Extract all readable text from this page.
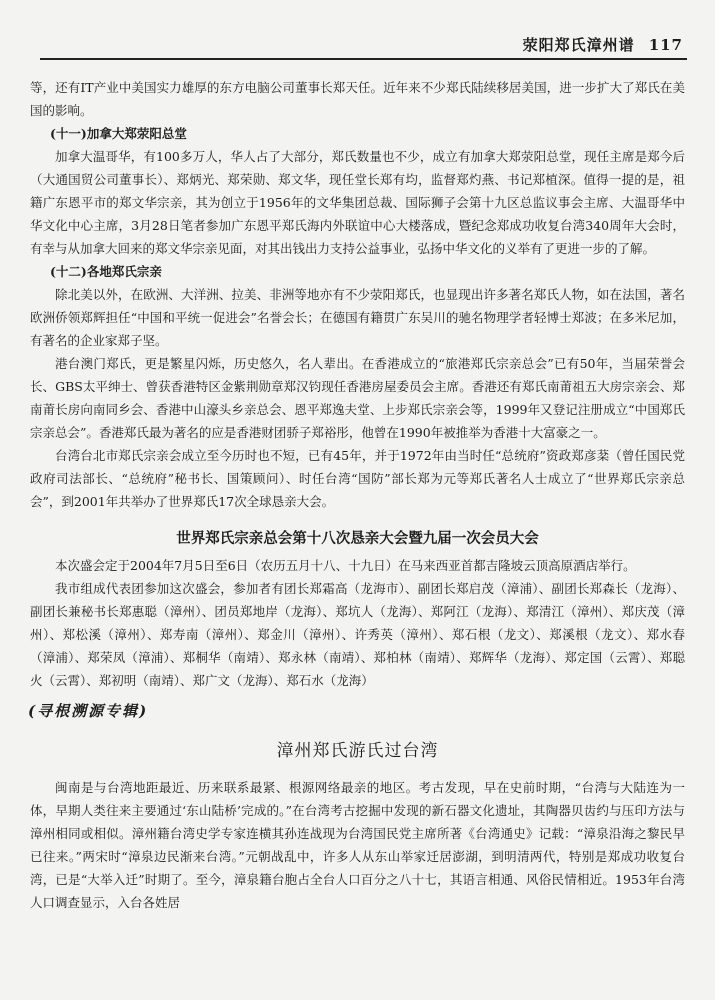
荥阳郑氏漳州谱 117

等，还有IT产业中美国实力雄厚的东方电脑公司董事长郑天任。近年来不少郑氏陆续移居美国，进一步扩大了郑氏在美国的影响。

(十一)加拿大郑荥阳总堂

加拿大温哥华，有100多万人，华人占了大部分，郑氏数量也不少，成立有加拿大郑荥阳总堂，现任主席是郑今后（大通国贸公司董事长）、郑炳光、郑荣勋、郑文华，现任堂长郑有均，监督郑灼燕、书记郑植深。值得一提的是，祖籍广东恩平市的郑文华宗亲，其为创立于1956年的文华集团总裁、国际狮子会第十九区总监议事会主席、大温哥华中华文化中心主席，3月28日笔者参加广东恩平郑氏海内外联谊中心大楼落成，暨纪念郑成功收复台湾340周年大会时，有幸与从加拿大回来的郑文华宗亲见面，对其出钱出力支持公益事业，弘扬中华文化的义举有了更进一步的了解。

(十二)各地郑氏宗亲

除北美以外，在欧洲、大洋洲、拉美、非洲等地亦有不少荥阳郑氏，也显现出许多著名郑氏人物，如在法国，著名欧洲侨领郑辉担任“中国和平统一促进会”名誉会长；在德国有籍贯广东吴川的驰名物理学者轻博士郑波；在多米尼加，有著名的企业家郑子坚。

港台澳门郑氏，更是繁星闪烁，历史悠久，名人辈出。在香港成立的“旅港郑氏宗亲总会”已有50年，当届荣誉会长、GBS太平绅士、曾获香港特区金紫荆勋章郑汉钧现任香港房屋委员会主席。香港还有郑氏南莆祖五大房宗亲会、郑南莆长房向南同乡会、香港中山濠头乡亲总会、恩平郑逸夫堂、上步郑氏宗亲会等，1999年又登记注册成立“中国郑氏宗亲总会”。香港郑氏最为著名的应是香港财团骄子郑裕彤，他曾在1990年被推举为香港十大富豪之一。

台湾台北市郑氏宗亲会成立至今历时也不短，已有45年，并于1972年由当时任“总统府”资政郑彦棻（曾任国民党政府司法部长、“总统府”秘书长、国策顾问）、时任台湾“国防”部长郑为元等郑氏著名人士成立了“世界郑氏宗亲总会”，到2001年共举办了世界郑氏17次全球恳亲大会。

世界郑氏宗亲总会第十八次恳亲大会暨九届一次会员大会

本次盛会定于2004年7月5日至6日（农历五月十八、十九日）在马来西亚首都吉隆坡云顶高原酒店举行。

我市组成代表团参加这次盛会，参加者有团长郑霜高（龙海市）、副团长郑启茂（漳浦）、副团长郑森长（龙海）、副团长兼秘书长郑惠聪（漳州）、团员郑地岸（龙海）、郑坑人（龙海）、郑阿江（龙海）、郑清江（漳州）、郑庆茂（漳州）、郑松溪（漳州）、郑寿南（漳州）、郑金川（漳州）、许秀英（漳州）、郑石根（龙文）、郑溪根（龙文）、郑水春（漳浦）、郑荣凤（漳浦）、郑桐华（南靖）、郑永林（南靖）、郑柏林（南靖）、郑辉华（龙海）、郑定国（云霄）、郑聪火（云霄）、郑初明（南靖）、郑广文（龙海）、郑石水（龙海）

(寻根溯源专辑)
漳州郑氏游氏过台湾

闽南是与台湾地距最近、历来联系最紧、根源网络最亲的地区。考古发现，早在史前时期，“台湾与大陆连为一体，早期人类往来主要通过‘东山陆桥’完成的。”在台湾考古挖掘中发现的新石器文化遗址，其陶器贝齿约与压印方法与漳州相同或相似。漳州籍台湾史学专家连横其孙连战现为台湾国民党主席所著《台湾通史》记载：“漳泉沿海之黎民早已往来。”两宋时“漳泉边民渐来台湾。”元朝战乱中，许多人从东山举家迁居澎湖，到明清两代，特别是郑成功收复台湾，已是“大举入迁”时期了。至今，漳泉籍台胞占全台人口百分之八十七，其语言相通、风俗民情相近。1953年台湾人口调查显示，入台各姓居
